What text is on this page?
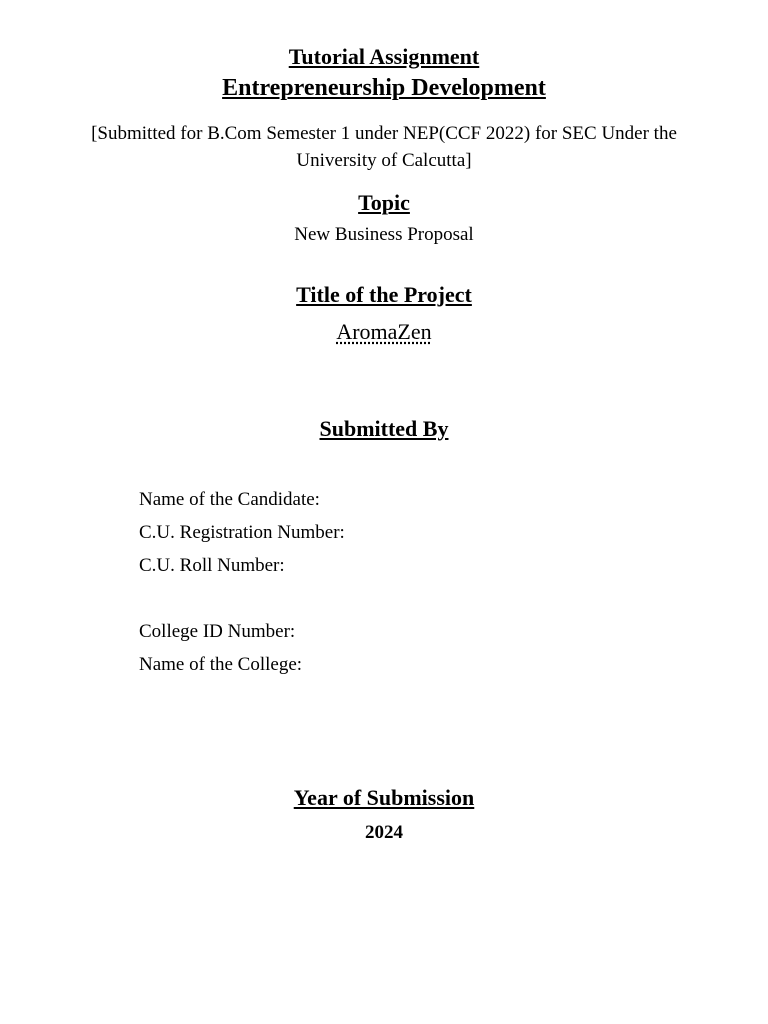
Tutorial Assignment
Entrepreneurship Development
[Submitted for B.Com Semester 1 under NEP(CCF 2022) for SEC Under the University of Calcutta]
Topic
New Business Proposal
Title of the Project
AromaZen
Submitted By
Name of the Candidate:
C.U. Registration Number:
C.U. Roll Number:
College ID Number:
Name of the College:
Year of Submission
2024
